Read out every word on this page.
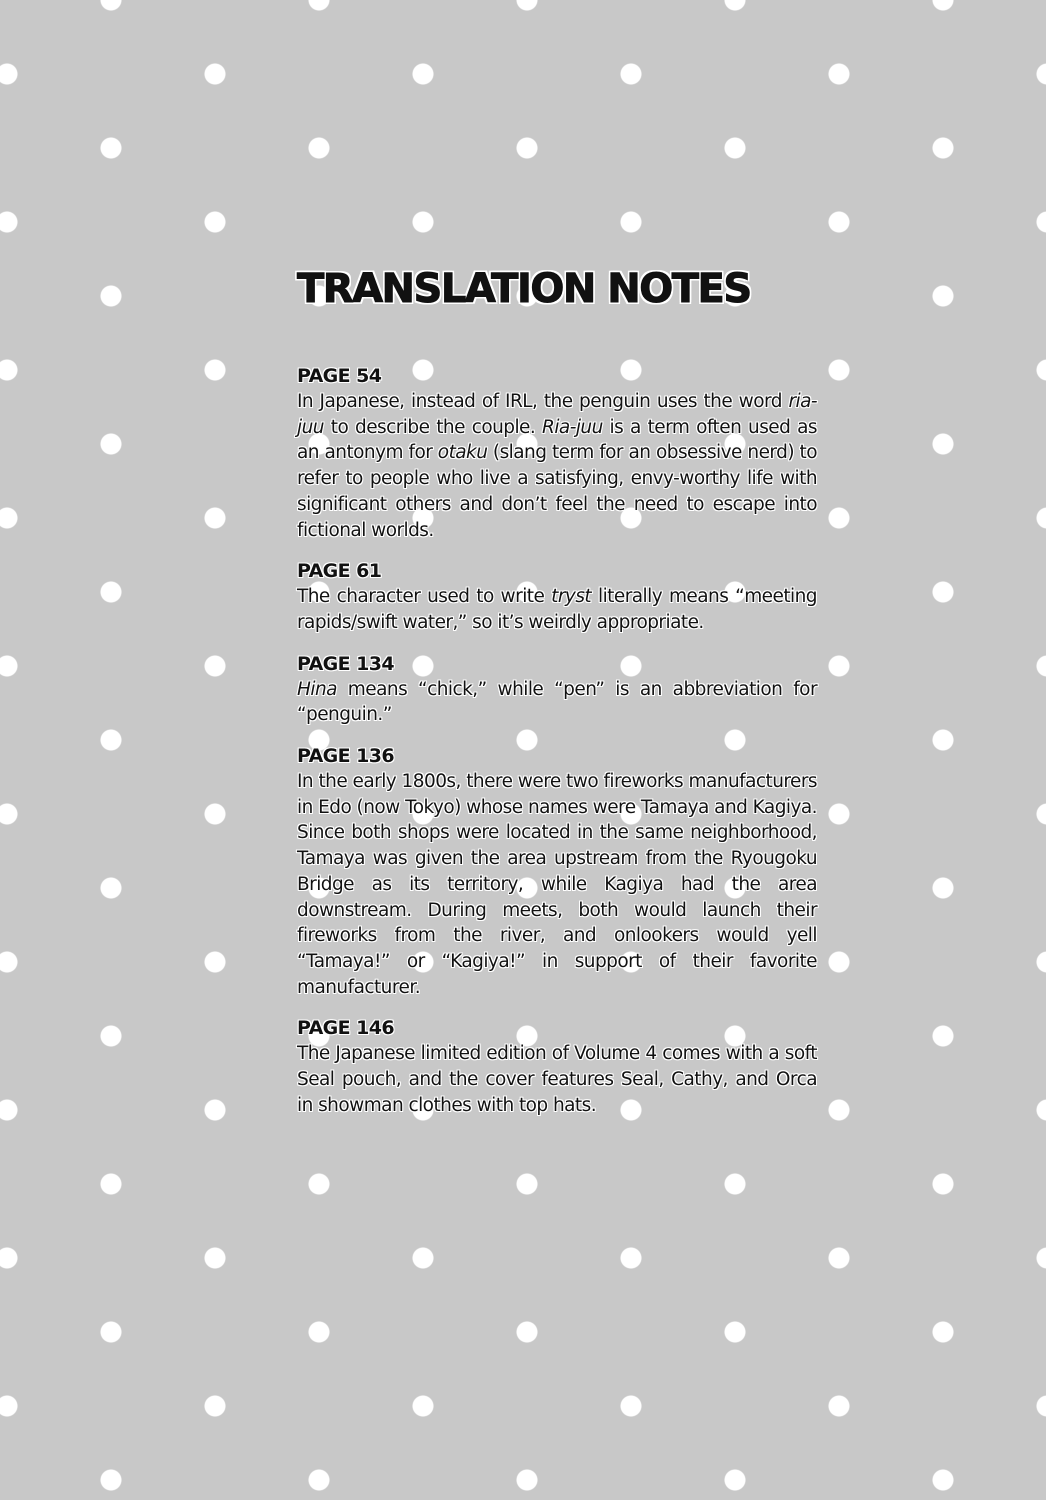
TRANSLATION NOTES
PAGE 54

In Japanese, instead of IRL, the penguin uses the word ria-juu to describe the couple. Ria-juu is a term often used as an antonym for otaku (slang term for an obsessive nerd) to refer to people who live a satisfying, envy-worthy life with significant others and don’t feel the need to escape into fictional worlds.

PAGE 61

The character used to write tryst literally means “meeting rapids/swift water,” so it’s weirdly appropriate.

PAGE 134

Hina means “chick,” while “pen” is an abbreviation for “penguin.”

PAGE 136

In the early 1800s, there were two fireworks manufacturers in Edo (now Tokyo) whose names were Tamaya and Kagiya. Since both shops were located in the same neighborhood, Tamaya was given the area upstream from the Ryougoku Bridge as its territory, while Kagiya had the area downstream. During meets, both would launch their fireworks from the river, and onlookers would yell “Tamaya!” or “Kagiya!” in support of their favorite manufacturer.

PAGE 146

The Japanese limited edition of Volume 4 comes with a soft Seal pouch, and the cover features Seal, Cathy, and Orca in showman clothes with top hats.
